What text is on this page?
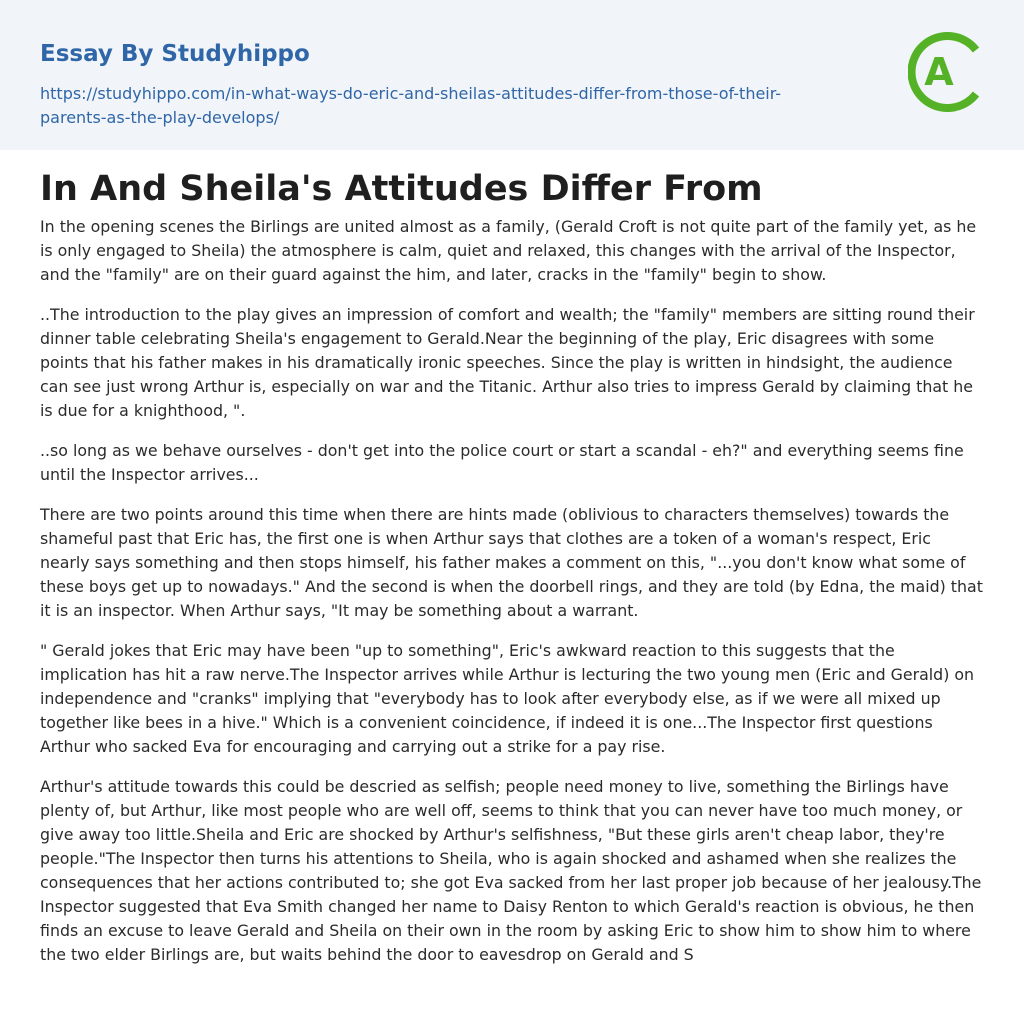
Essay By Studyhippo
https://studyhippo.com/in-what-ways-do-eric-and-sheilas-attitudes-differ-from-those-of-their-parents-as-the-play-develops/
A
In And Sheila's Attitudes Differ From

In the opening scenes the Birlings are united almost as a family, (Gerald Croft is not quite part of the family yet, as he is only engaged to Sheila) the atmosphere is calm, quiet and relaxed, this changes with the arrival of the Inspector, and the "family" are on their guard against the him, and later, cracks in the "family" begin to show.

..The introduction to the play gives an impression of comfort and wealth; the "family" members are sitting round their dinner table celebrating Sheila's engagement to Gerald.Near the beginning of the play, Eric disagrees with some points that his father makes in his dramatically ironic speeches. Since the play is written in hindsight, the audience can see just wrong Arthur is, especially on war and the Titanic. Arthur also tries to impress Gerald by claiming that he is due for a knighthood, ".

..so long as we behave ourselves - don't get into the police court or start a scandal - eh?" and everything seems fine until the Inspector arrives...

There are two points around this time when there are hints made (oblivious to characters themselves) towards the shameful past that Eric has, the first one is when Arthur says that clothes are a token of a woman's respect, Eric nearly says something and then stops himself, his father makes a comment on this, "...you don't know what some of these boys get up to nowadays." And the second is when the doorbell rings, and they are told (by Edna, the maid) that it is an inspector. When Arthur says, "It may be something about a warrant.

" Gerald jokes that Eric may have been "up to something", Eric's awkward reaction to this suggests that the implication has hit a raw nerve.The Inspector arrives while Arthur is lecturing the two young men (Eric and Gerald) on independence and "cranks" implying that "everybody has to look after everybody else, as if we were all mixed up together like bees in a hive." Which is a convenient coincidence, if indeed it is one...The Inspector first questions Arthur who sacked Eva for encouraging and carrying out a strike for a pay rise.

Arthur's attitude towards this could be descried as selfish; people need money to live, something the Birlings have plenty of, but Arthur, like most people who are well off, seems to think that you can never have too much money, or give away too little.Sheila and Eric are shocked by Arthur's selfishness, "But these girls aren't cheap labor, they're people."The Inspector then turns his attentions to Sheila, who is again shocked and ashamed when she realizes the consequences that her actions contributed to; she got Eva sacked from her last proper job because of her jealousy.The Inspector suggested that Eva Smith changed her name to Daisy Renton to which Gerald's reaction is obvious, he then finds an excuse to leave Gerald and Sheila on their own in the room by asking Eric to show him to show him to where the two elder Birlings are, but waits behind the door to eavesdrop on Gerald and S
